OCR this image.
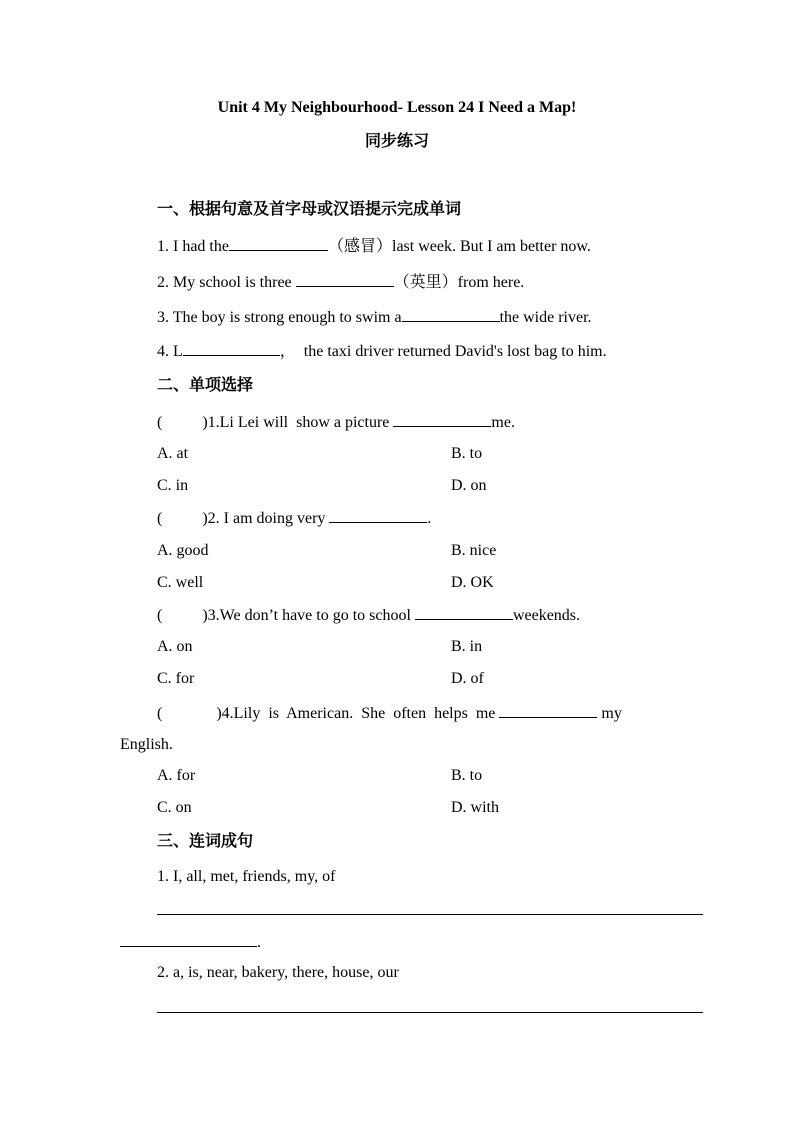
Unit 4 My Neighbourhood- Lesson 24 I Need a Map!
同步练习
一、根据句意及首字母或汉语提示完成单词
1. I had the	（感冒）last week. But I am better now.
2. My school is three	（英里）from here.
3. The boy is strong enough to swim a	the wide river.
4. L	，  the taxi driver returned David's lost bag to him.
二、单项选择
(	)1.Li Lei will  show a picture	me.
A. at	B. to
C. in	D. on
(	)2. I am doing very	.
A. good	B. nice
C. well	D. OK
(	)3.We don’t have to go to school	weekends.
A. on	B. in
C. for	D. of
(	)4.Lily  is  American.  She  often  helps  me	my
English.
A. for	B. to
C. on	D. with
三、连词成句
1. I, all, met, friends, my, of
.
2. a, is, near, bakery, there, house, our
